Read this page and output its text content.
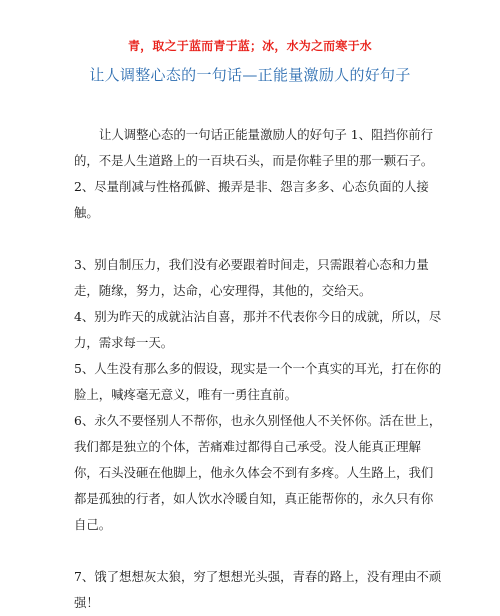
青，取之于蓝而青于蓝；冰，水为之而寒于水
让人调整心态的一句话—正能量激励人的好句子

让人调整心态的一句话正能量激励人的好句子 1、阻挡你前行的，不是人生道路上的一百块石头，而是你鞋子里的那一颗石子。

2、尽量削减与性格孤僻、搬弄是非、怨言多多、心态负面的人接触。

3、别自制压力，我们没有必要跟着时间走，只需跟着心态和力量走，随缘，努力，达命，心安理得，其他的，交给天。

4、别为昨天的成就沾沾自喜，那并不代表你今日的成就，所以，尽力，需求每一天。

5、人生没有那么多的假设，现实是一个一个真实的耳光，打在你的脸上，喊疼毫无意义，唯有一勇往直前。

6、永久不要怪别人不帮你，也永久别怪他人不关怀你。活在世上，我们都是独立的个体，苦痛难过都得自己承受。没人能真正理解你，石头没砸在他脚上，他永久体会不到有多疼。人生路上，我们都是孤独的行者，如人饮水冷暖自知，真正能帮你的，永久只有你自己。

7、饿了想想灰太狼，穷了想想光头强，青春的路上，没有理由不顽强！
